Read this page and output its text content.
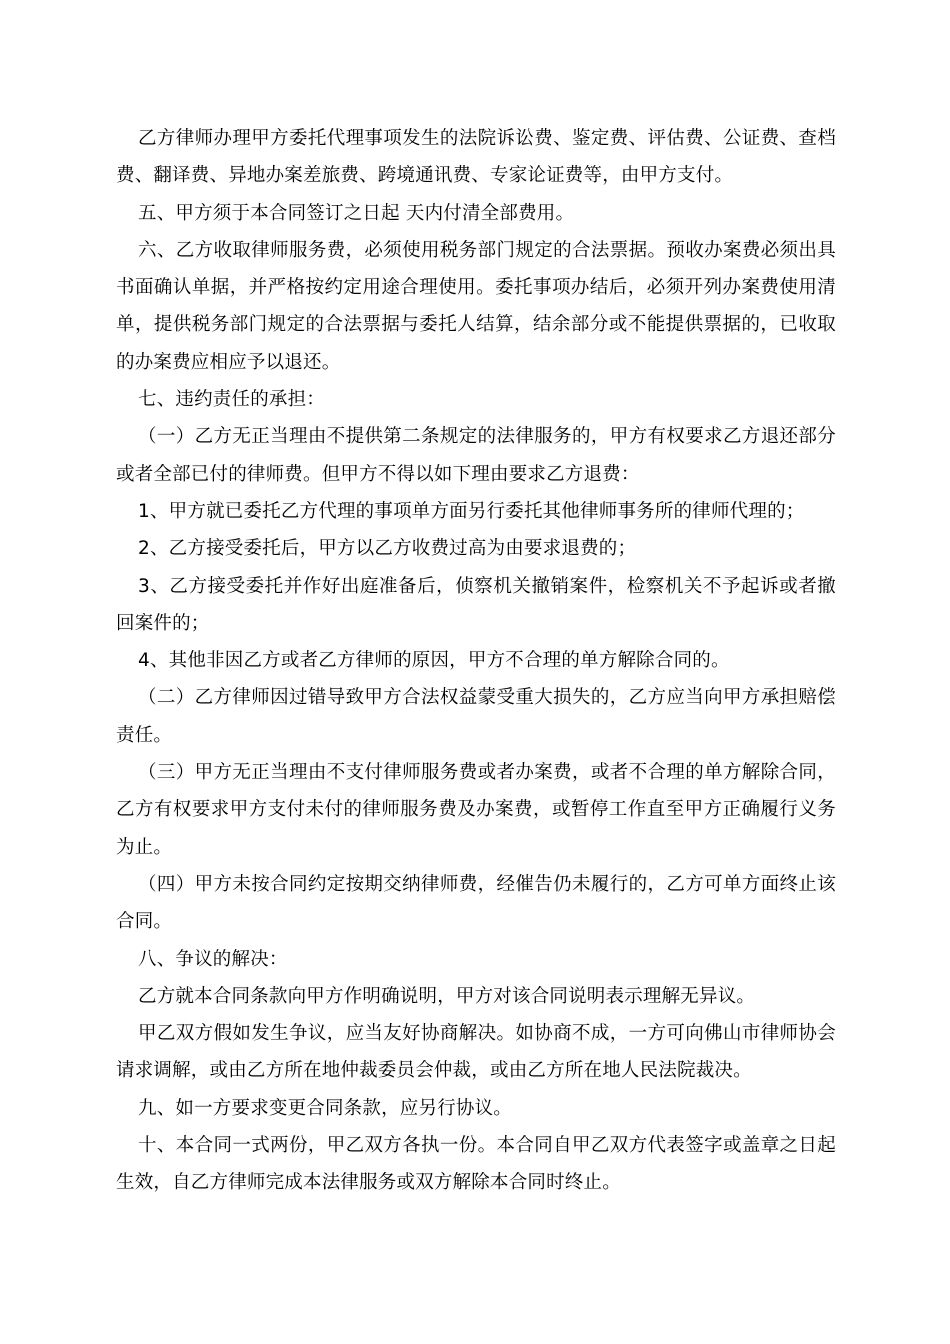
乙方律师办理甲方委托代理事项发生的法院诉讼费、鉴定费、评估费、公证费、查档费、翻译费、异地办案差旅费、跨境通讯费、专家论证费等，由甲方支付。

五、甲方须于本合同签订之日起 天内付清全部费用。

六、乙方收取律师服务费，必须使用税务部门规定的合法票据。预收办案费必须出具书面确认单据，并严格按约定用途合理使用。委托事项办结后，必须开列办案费使用清单，提供税务部门规定的合法票据与委托人结算，结余部分或不能提供票据的，已收取的办案费应相应予以退还。

七、违约责任的承担：

（一）乙方无正当理由不提供第二条规定的法律服务的，甲方有权要求乙方退还部分或者全部已付的律师费。但甲方不得以如下理由要求乙方退费：

1、甲方就已委托乙方代理的事项单方面另行委托其他律师事务所的律师代理的；

2、乙方接受委托后，甲方以乙方收费过高为由要求退费的；

3、乙方接受委托并作好出庭准备后，侦察机关撤销案件，检察机关不予起诉或者撤回案件的；

4、其他非因乙方或者乙方律师的原因，甲方不合理的单方解除合同的。

（二）乙方律师因过错导致甲方合法权益蒙受重大损失的，乙方应当向甲方承担赔偿责任。

（三）甲方无正当理由不支付律师服务费或者办案费，或者不合理的单方解除合同，乙方有权要求甲方支付未付的律师服务费及办案费，或暂停工作直至甲方正确履行义务为止。

（四）甲方未按合同约定按期交纳律师费，经催告仍未履行的，乙方可单方面终止该合同。

八、争议的解决：

乙方就本合同条款向甲方作明确说明，甲方对该合同说明表示理解无异议。

甲乙双方假如发生争议，应当友好协商解决。如协商不成，一方可向佛山市律师协会请求调解，或由乙方所在地仲裁委员会仲裁，或由乙方所在地人民法院裁决。

九、如一方要求变更合同条款，应另行协议。

十、本合同一式两份，甲乙双方各执一份。本合同自甲乙双方代表签字或盖章之日起生效，自乙方律师完成本法律服务或双方解除本合同时终止。
